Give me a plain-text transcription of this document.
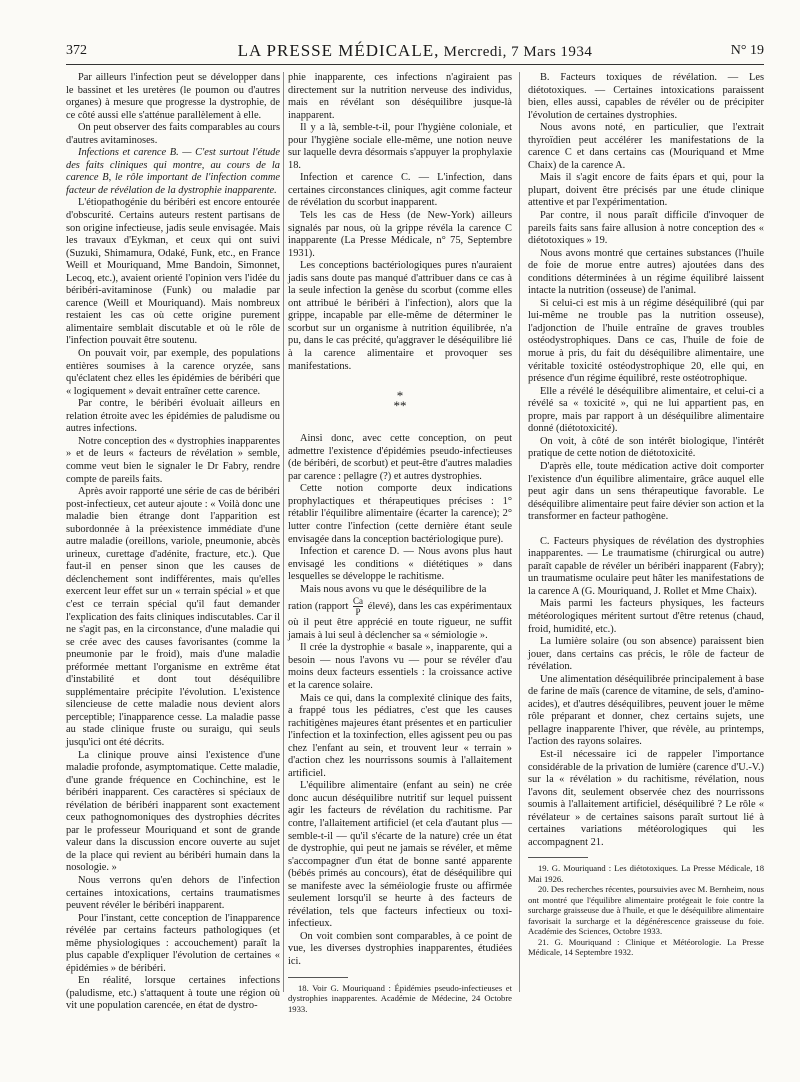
372	LA PRESSE MÉDICALE, Mercredi, 7 Mars 1934	N° 19

Par ailleurs l'infection peut se développer dans le bassinet et les uretères (le poumon ou d'autres organes) à mesure que progresse la dystrophie, de ce côté aussi elle s'atténue parallèlement à elle.

On peut observer des faits comparables au cours d'autres avitaminoses.

Infections et carence B. — C'est surtout l'étude des faits cliniques qui montre, au cours de la carence B, le rôle important de l'infection comme facteur de révélation de la dystrophie inapparente.

L'étiopathogénie du béribéri est encore entourée d'obscurité. Certains auteurs restent partisans de son origine infectieuse, jadis seule envisagée. Mais les travaux d'Eykman, et ceux qui ont suivi (Suzuki, Shimamura, Odaké, Funk, etc., en France Weill et Mouriquand, Mme Bandoin, Simonnet, Lecoq, etc.), avaient orienté l'opinion vers l'idée du béribéri-avitaminose (Funk) ou maladie par carence (Weill et Mouriquand). Mais nombreux restaient les cas où cette origine purement alimentaire semblait discutable et où le rôle de l'infection pouvait être soutenu.

On pouvait voir, par exemple, des populations entières soumises à la carence oryzée, sans qu'éclatent chez elles les épidémies de béribéri que « logiquement » devait entraîner cette carence.

Par contre, le béribéri évoluait ailleurs en relation étroite avec les épidémies de paludisme ou autres infections.

Notre conception des « dystrophies inapparentes » et de leurs « facteurs de révélation » semble, comme veut bien le signaler le Dr Fabry, rendre compte de pareils faits.

Après avoir rapporté une série de cas de béribéri post-infectieux, cet auteur ajoute : « Voilà donc une maladie bien étrange dont l'apparition est subordonnée à la préexistence immédiate d'une autre maladie (oreillons, variole, pneumonie, abcès urineux, curettage d'adénite, fracture, etc.). Que faut-il en penser sinon que les causes de déclenchement sont indifférentes, mais qu'elles exercent leur effet sur un « terrain spécial » et que c'est ce terrain spécial qu'il faut demander l'explication des faits cliniques indiscutables. Car il ne s'agit pas, en la circonstance, d'une maladie qui se crée avec des causes favorisantes (comme la pneumonie par le froid), mais d'une maladie préformée mettant l'organisme en extrême état d'instabilité et dont tout déséquilibre supplémentaire précipite l'évolution. L'existence silencieuse de cette maladie nous devient alors perceptible; l'inapparence cesse. La maladie passe au stade clinique fruste ou suraigu, qui seuls jusqu'ici ont été décrits.

La clinique prouve ainsi l'existence d'une maladie profonde, asymptomatique. Cette maladie, d'une grande fréquence en Cochinchine, est le béribéri inapparent. Ces caractères si spéciaux de révélation de béribéri inapparent sont exactement ceux pathognomoniques des dystrophies décrites par le professeur Mouriquand et sont de grande valeur dans la discussion encore ouverte au sujet de la place qui revient au béribéri humain dans la nosologie. »

Nous verrons qu'en dehors de l'infection certaines intoxications, certains traumatismes peuvent révéler le béribéri inapparent.

Pour l'instant, cette conception de l'inapparence révélée par certains facteurs pathologiques (et même physiologiques : accouchement) paraît la plus capable d'expliquer l'évolution de certaines « épidémies » de béribéri.

En réalité, lorsque certaines infections (paludisme, etc.) s'attaquent à toute une région où vit une population carencée, en état de dystro-

phie inapparente, ces infections n'agiraient pas directement sur la nutrition nerveuse des individus, mais en révélant son déséquilibre jusque-là inapparent.

Il y a là, semble-t-il, pour l'hygiène coloniale, et pour l'hygiène sociale elle-même, une notion neuve sur laquelle devra désormais s'appuyer la prophylaxie 18.

Infection et carence C. — L'infection, dans certaines circonstances cliniques, agit comme facteur de révélation du scorbut inapparent.

Tels les cas de Hess (de New-York) ailleurs signalés par nous, où la grippe révéla la carence C inapparente (La Presse Médicale, n° 75, Septembre 1931).

Les conceptions bactériologiques pures n'auraient jadis sans doute pas manqué d'attribuer dans ce cas à la seule infection la genèse du scorbut (comme elles ont attribué le béribéri à l'infection), alors que la grippe, incapable par elle-même de déterminer le scorbut sur un organisme à nutrition équilibrée, n'a pu, dans le cas précité, qu'aggraver le déséquilibre lié à la carence alimentaire et provoquer ses manifestations.

*
**

Ainsi donc, avec cette conception, on peut admettre l'existence d'épidémies pseudo-infectieuses (de béribéri, de scorbut) et peut-être d'autres maladies par carence : pellagre (?) et autres dystrophies.

Cette notion comporte deux indications prophylactiques et thérapeutiques précises : 1° rétablir l'équilibre alimentaire (écarter la carence); 2° lutter contre l'infection (cette dernière étant seule envisagée dans la conception bactériologique pure).

Infection et carence D. — Nous avons plus haut envisagé les conditions « diététiques » dans lesquelles se développe le rachitisme.

Mais nous avons vu que le déséquilibre de la

ration (rapport $\frac{Ca}{P}$ élevé), dans les cas expérimentaux où il peut être apprécié en toute rigueur, ne suffit jamais à lui seul à déclencher sa « sémiologie ».

Il crée la dystrophie « basale », inapparente, qui a besoin — nous l'avons vu — pour se révéler d'au moins deux facteurs essentiels : la croissance active et la carence solaire.

Mais ce qui, dans la complexité clinique des faits, a frappé tous les pédiatres, c'est que les causes rachitigènes majeures étant présentes et en particulier l'infection et la toxinfection, elles agissent peu ou pas chez l'enfant au sein, et trouvent leur « terrain » d'action chez les nourrissons soumis à l'allaitement artificiel.

L'équilibre alimentaire (enfant au sein) ne crée donc aucun déséquilibre nutritif sur lequel puissent agir les facteurs de révélation du rachitisme. Par contre, l'allaitement artificiel (et cela d'autant plus — semble-t-il — qu'il s'écarte de la nature) crée un état de dystrophie, qui peut ne jamais se révéler, et même s'accompagner d'un état de bonne santé apparente (bébés primés au concours), état de déséquilibre qui se manifeste avec la séméiologie fruste ou affirmée seulement lorsqu'il se heurte à des facteurs de révélation, tels que facteurs infectieux ou toxi-infectieux.

On voit combien sont comparables, à ce point de vue, les diverses dystrophies inapparentes, étudiées ici.

18. Voir G. Mouriquand : Épidémies pseudo-infectieuses et dystrophies inapparentes. Académie de Médecine, 24 Octobre 1933.

B. Facteurs toxiques de révélation. — Les diétotoxiques. — Certaines intoxications paraissent bien, elles aussi, capables de révéler ou de précipiter l'évolution de certaines dystrophies.

Nous avons noté, en particulier, que l'extrait thyroïdien peut accélérer les manifestations de la carence C et dans certains cas (Mouriquand et Mme Chaix) de la carence A.

Mais il s'agit encore de faits épars et qui, pour la plupart, doivent être précisés par une étude clinique attentive et par l'expérimentation.

Par contre, il nous paraît difficile d'invoquer de pareils faits sans faire allusion à notre conception des « diétotoxiques » 19.

Nous avons montré que certaines substances (l'huile de foie de morue entre autres) ajoutées dans des conditions déterminées à un régime équilibré laissent intacte la nutrition (osseuse) de l'animal.

Si celui-ci est mis à un régime déséquilibré (qui par lui-même ne trouble pas la nutrition osseuse), l'adjonction de l'huile entraîne de graves troubles ostéodystrophiques. Dans ce cas, l'huile de foie de morue à pris, du fait du déséquilibre alimentaire, une véritable toxicité ostéodystrophique 20, elle qui, en présence d'un régime équilibré, reste ostéotrophique.

Elle a révélé le déséquilibre alimentaire, et celui-ci a révélé sa « toxicité », qui ne lui appartient pas, en propre, mais par rapport à un déséquilibre alimentaire donné (diétotoxicité).

On voit, à côté de son intérêt biologique, l'intérêt pratique de cette notion de diétotoxicité.

D'après elle, toute médication active doit comporter l'existence d'un équilibre alimentaire, grâce auquel elle peut agir dans un sens thérapeutique favorable. Le déséquilibre alimentaire peut faire dévier son action et la transformer en facteur pathogène.

C. Facteurs physiques de révélation des dystrophies inapparentes. — Le traumatisme (chirurgical ou autre) paraît capable de révéler un béribéri inapparent (Fabry); un traumatisme oculaire peut hâter les manifestations de la carence A (G. Mouriquand, J. Rollet et Mme Chaix).

Mais parmi les facteurs physiques, les facteurs météorologiques méritent surtout d'être retenus (chaud, froid, humidité, etc.).

La lumière solaire (ou son absence) paraissent bien jouer, dans certains cas précis, le rôle de facteur de révélation.

Une alimentation déséquilibrée principalement à base de farine de maïs (carence de vitamine, de sels, d'amino-acides), et d'autres déséquilibres, peuvent jouer le même rôle préparant et donner, chez certains sujets, une pellagre inapparente l'hiver, que révèle, au printemps, l'action des rayons solaires.

Est-il nécessaire ici de rappeler l'importance considérable de la privation de lumière (carence d'U.-V.) sur la « révélation » du rachitisme, révélation, nous l'avons dit, seulement observée chez des nourrissons soumis à l'allaitement artificiel, déséquilibré ? Le rôle « révélateur » de certaines saisons paraît surtout lié à certaines variations météorologiques qui les accompagnent 21.

19. G. Mouriquand : Les diétotoxiques. La Presse Médicale, 18 Mai 1926.

20. Des recherches récentes, poursuivies avec M. Bernheim, nous ont montré que l'équilibre alimentaire protégeait le foie contre la surcharge graisseuse due à l'huile, et que le déséquilibre alimentaire favorisait la surcharge et la dégénérescence graisseuse du foie. Académie des Sciences, Octobre 1933.

21. G. Mouriquand : Clinique et Météorologie. La Presse Médicale, 14 Septembre 1932.
